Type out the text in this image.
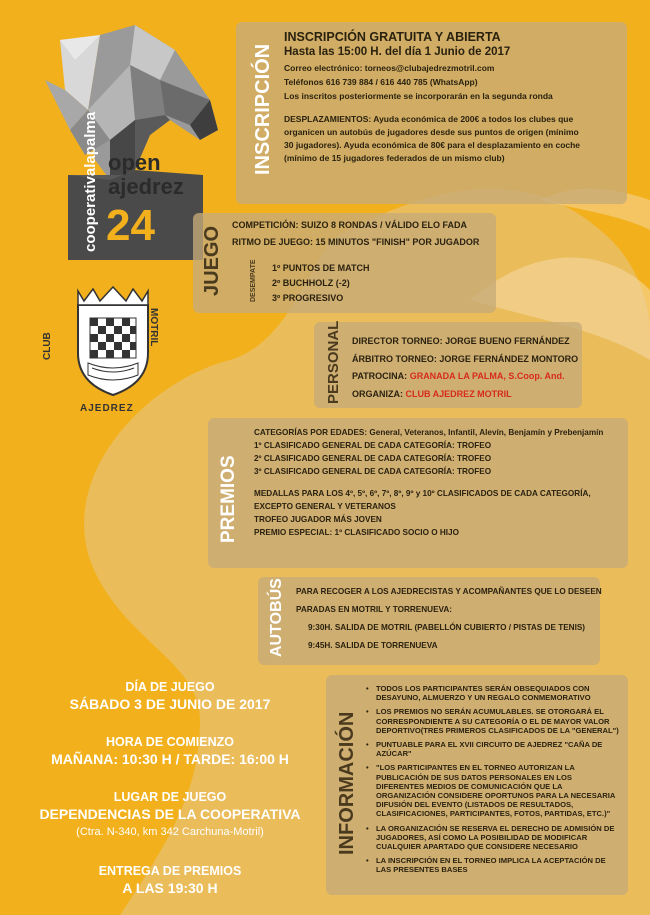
cooperativalapalma open
ajedrez
24
CLUB	MOTRIL
AJEDREZ
INSCRIPCIÓN
INSCRIPCIÓN GRATUITA Y ABIERTA
Hasta las 15:00 H. del día 1 Junio de 2017
Correo electrónico: torneos@clubajedrezmotril.com
Teléfonos 616 739 884 / 616 440 785 (WhatsApp)
Los inscritos posteriormente se incorporarán en la segunda ronda
DESPLAZAMIENTOS: Ayuda económica de 200€ a todos los clubes que
organicen un autobús de jugadores desde sus puntos de origen (mínimo
30 jugadores). Ayuda económica de 80€ para el desplazamiento en coche
(mínimo de 15 jugadores federados de un mismo club)
JUEGO	DESEMPATE
COMPETICIÓN: SUIZO 8 RONDAS / VÁLIDO ELO FADA
RITMO DE JUEGO: 15 MINUTOS "FINISH" POR JUGADOR
1º PUNTOS DE MATCH
2º BUCHHOLZ (-2)
3º PROGRESIVO
PERSONAL DIRECTOR TORNEO: JORGE BUENO FERNÁNDEZ
ÁRBITRO TORNEO: JORGE FERNÁNDEZ MONTORO
PATROCINA: GRANADA LA PALMA, S.Coop. And.
ORGANIZA: CLUB AJEDREZ MOTRIL
PREMIOS
CATEGORÍAS POR EDADES: General, Veteranos, Infantil, Alevín, Benjamín y Prebenjamín
1º CLASIFICADO GENERAL DE CADA CATEGORÍA: TROFEO
2º CLASIFICADO GENERAL DE CADA CATEGORÍA: TROFEO
3º CLASIFICADO GENERAL DE CADA CATEGORÍA: TROFEO
MEDALLAS PARA LOS 4º, 5º, 6º, 7º, 8º, 9º y 10º CLASIFICADOS DE CADA CATEGORÍA,
EXCEPTO GENERAL Y VETERANOS
TROFEO JUGADOR MÁS JOVEN
PREMIO ESPECIAL: 1º CLASIFICADO SOCIO O HIJO
AUTOBÚS PARA RECOGER A LOS AJEDRECISTAS Y ACOMPAÑANTES QUE LO DESEEN
PARADAS EN MOTRIL Y TORRENUEVA:
9:30H. SALIDA DE MOTRIL (PABELLÓN CUBIERTO / PISTAS DE TENIS)
9:45H. SALIDA DE TORRENUEVA
DÍA DE JUEGO
SÁBADO 3 DE JUNIO DE 2017
HORA DE COMIENZO
MAÑANA: 10:30 H / TARDE: 16:00 H
LUGAR DE JUEGO
DEPENDENCIAS DE LA COOPERATIVA
(Ctra. N-340, km 342 Carchuna-Motril)
ENTREGA DE PREMIOS
A LAS 19:30 H
INFORMACIÓN
• TODOS LOS PARTICIPANTES SERÁN OBSEQUIADOS CON DESAYUNO, ALMUERZO Y UN REGALO CONMEMORATIVO
• LOS PREMIOS NO SERÁN ACUMULABLES. SE OTORGARÁ EL CORRESPONDIENTE A SU CATEGORÍA O EL DE MAYOR VALOR DEPORTIVO(TRES PRIMEROS CLASIFICADOS DE LA "GENERAL")
• PUNTUABLE PARA EL XVII CIRCUITO DE AJEDREZ "CAÑA DE AZÚCAR"
• "LOS PARTICIPANTES EN EL TORNEO AUTORIZAN LA PUBLICACIÓN DE SUS DATOS PERSONALES EN LOS DIFERENTES MEDIOS DE COMUNICACIÓN QUE LA ORGANIZACIÓN CONSIDERE OPORTUNOS PARA LA NECESARIA DIFUSIÓN DEL EVENTO (LISTADOS DE RESULTADOS, CLASIFICACIONES, PARTICIPANTES, FOTOS, PARTIDAS, ETC.)"
• LA ORGANIZACIÓN SE RESERVA EL DERECHO DE ADMISIÓN DE JUGADORES, ASÍ COMO LA POSIBILIDAD DE MODIFICAR CUALQUIER APARTADO QUE CONSIDERE NECESARIO
• LA INSCRIPCIÓN EN EL TORNEO IMPLICA LA ACEPTACIÓN DE LAS PRESENTES BASES
